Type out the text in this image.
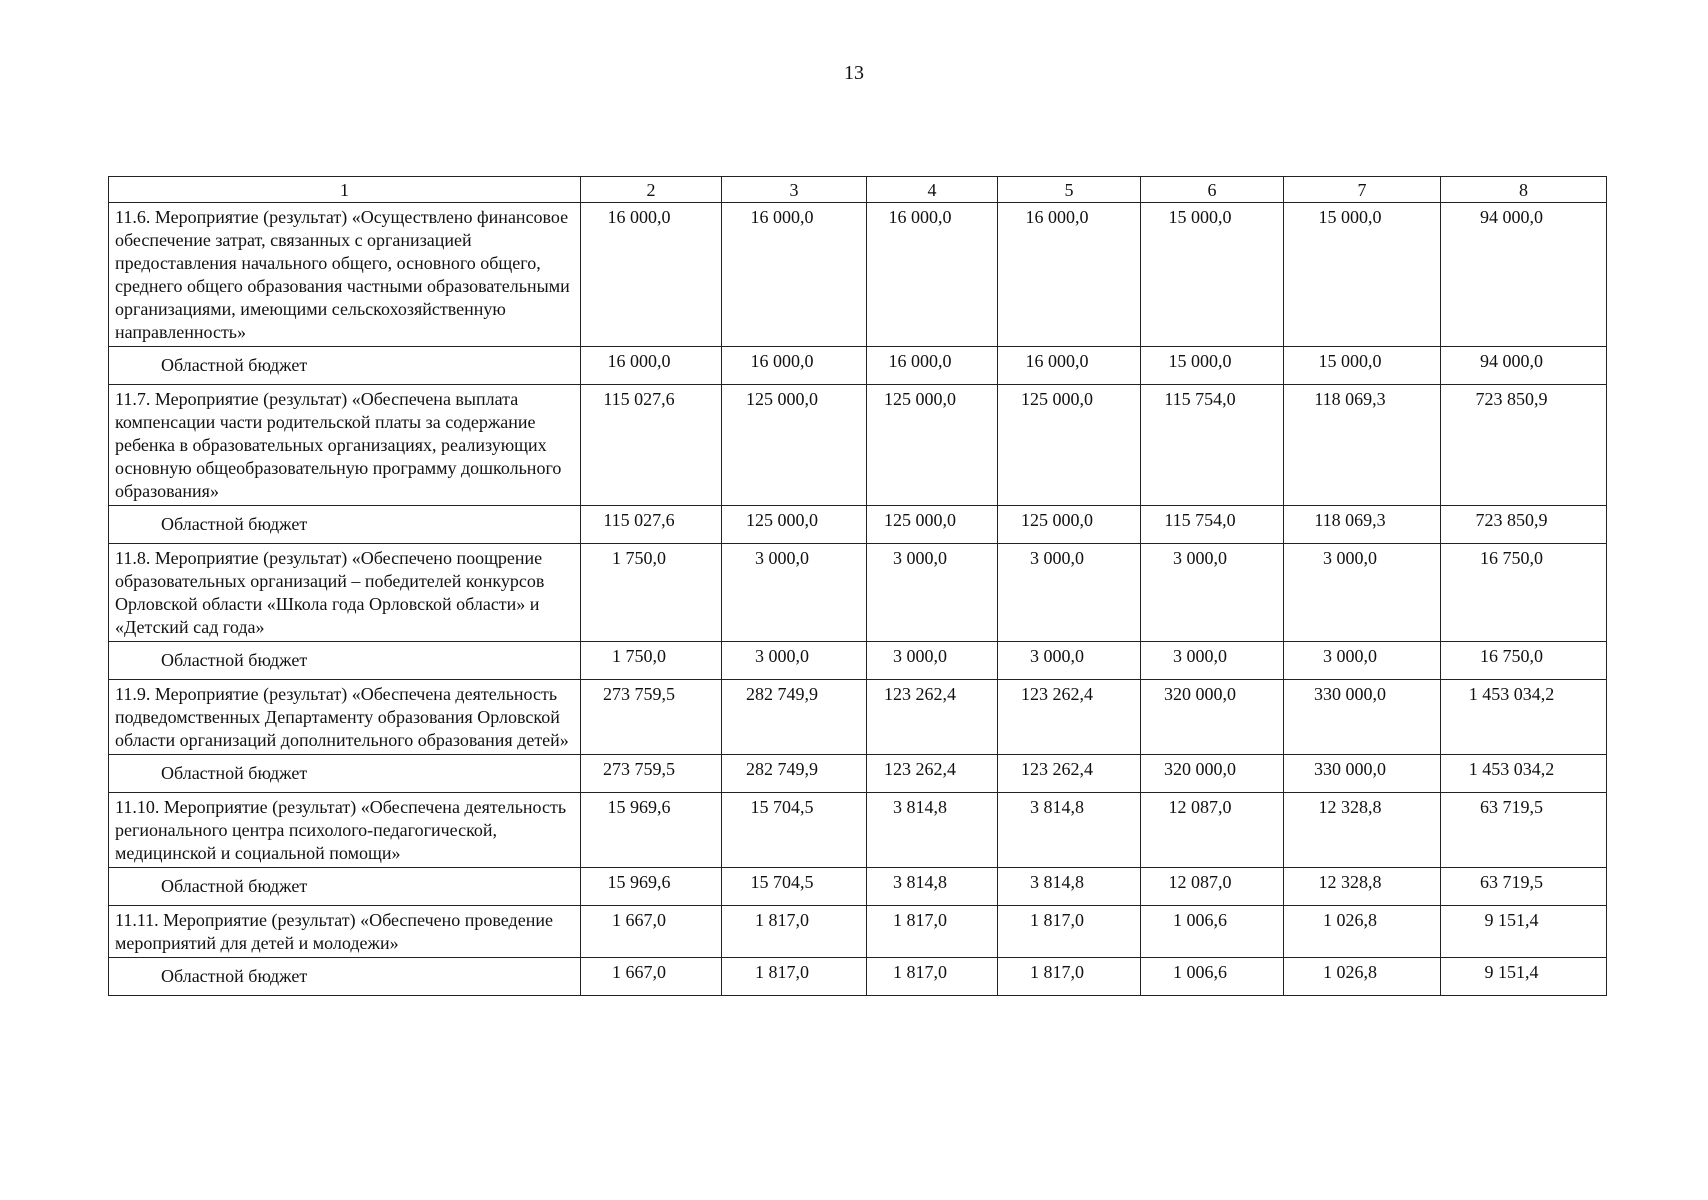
13
1	2	3	4	5	6	7	8
11.6. Мероприятие (результат) «Осуществлено финансовое обеспечение затрат, связанных с организацией предоставления начального общего, основного общего, среднего общего образования частными образовательными организациями, имеющими сельскохозяйственную направленность»	16 000,0	16 000,0	16 000,0	16 000,0	15 000,0	15 000,0	94 000,0
Областной бюджет	16 000,0	16 000,0	16 000,0	16 000,0	15 000,0	15 000,0	94 000,0
11.7. Мероприятие (результат) «Обеспечена выплата компенсации части родительской платы за содержание ребенка в образовательных организациях, реализующих основную общеобразовательную программу дошкольного образования»	115 027,6	125 000,0	125 000,0	125 000,0	115 754,0	118 069,3	723 850,9
Областной бюджет	115 027,6	125 000,0	125 000,0	125 000,0	115 754,0	118 069,3	723 850,9
11.8. Мероприятие (результат) «Обеспечено поощрение образовательных организаций – победителей конкурсов Орловской области «Школа года Орловской области» и «Детский сад года»	1 750,0	3 000,0	3 000,0	3 000,0	3 000,0	3 000,0	16 750,0
Областной бюджет	1 750,0	3 000,0	3 000,0	3 000,0	3 000,0	3 000,0	16 750,0
11.9. Мероприятие (результат) «Обеспечена деятельность подведомственных Департаменту образования Орловской области организаций дополнительного образования детей»	273 759,5	282 749,9	123 262,4	123 262,4	320 000,0	330 000,0	1 453 034,2
Областной бюджет	273 759,5	282 749,9	123 262,4	123 262,4	320 000,0	330 000,0	1 453 034,2
11.10. Мероприятие (результат) «Обеспечена деятельность регионального центра психолого-педагогической, медицинской и социальной помощи»	15 969,6	15 704,5	3 814,8	3 814,8	12 087,0	12 328,8	63 719,5
Областной бюджет	15 969,6	15 704,5	3 814,8	3 814,8	12 087,0	12 328,8	63 719,5
11.11. Мероприятие (результат) «Обеспечено проведение мероприятий для детей и молодежи»	1 667,0	1 817,0	1 817,0	1 817,0	1 006,6	1 026,8	9 151,4
Областной бюджет	1 667,0	1 817,0	1 817,0	1 817,0	1 006,6	1 026,8	9 151,4
